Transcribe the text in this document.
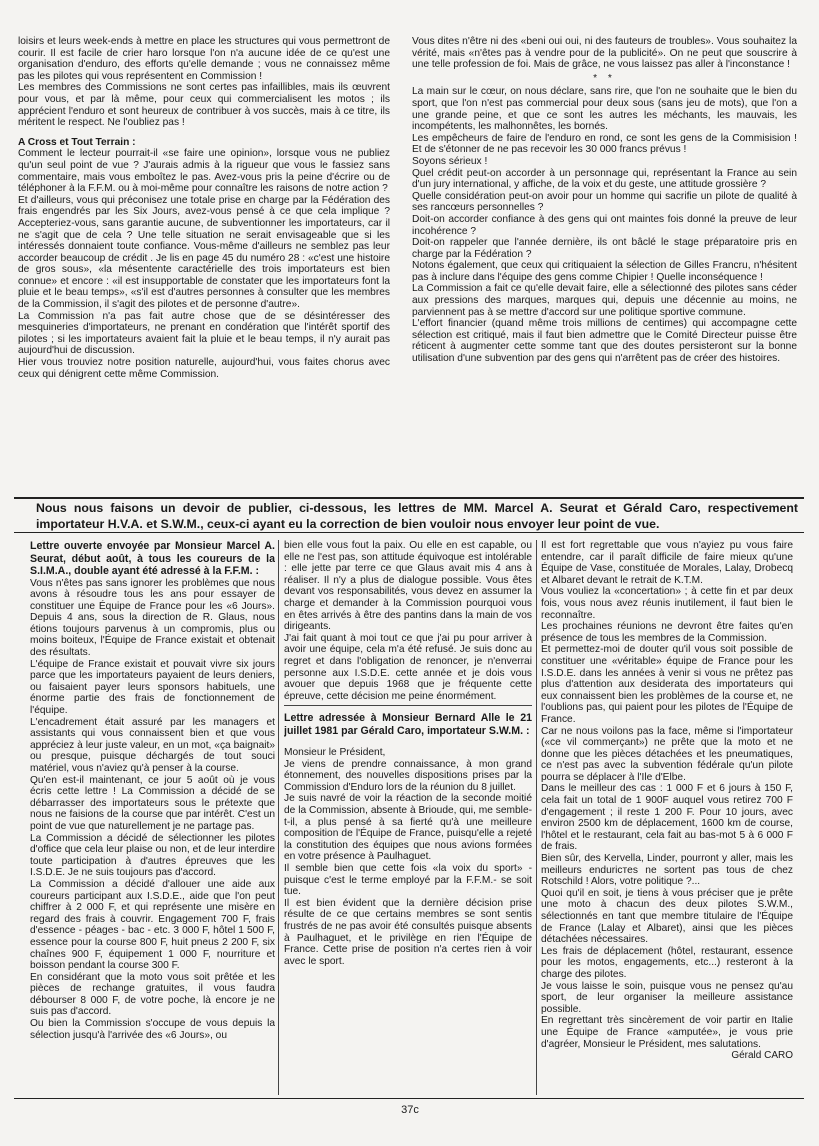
loisirs et leurs week-ends à mettre en place les structures qui vous permettront de courir. Il est facile de crier haro lorsque l'on n'a aucune idée de ce qu'est une organisation d'enduro, des efforts qu'elle demande ; vous ne connaissez même pas les pilotes qui vous représentent en Commission !

Les membres des Commissions ne sont certes pas infaillibles, mais ils œuvrent pour vous, et par là même, pour ceux qui commercialisent les motos ; ils apprécient l'enduro et sont heureux de contribuer à vos succès, mais à ce titre, ils méritent le respect. Ne l'oubliez pas !

A Cross et Tout Terrain :

Comment le lecteur pourrait-il «se faire une opinion», lorsque vous ne publiez qu'un seul point de vue ? J'aurais admis à la rigueur que vous le fassiez sans commentaire, mais vous emboîtez le pas. Avez-vous pris la peine d'écrire ou de téléphoner à la F.F.M. ou à moi-même pour connaître les raisons de notre action ?

Et d'ailleurs, vous qui préconisez une totale prise en charge par la Fédération des frais engendrés par les Six Jours, avez-vous pensé à ce que cela implique ? Accepteriez-vous, sans garantie aucune, de subventionner les importateurs, car il ne s'agit que de cela ? Une telle situation ne serait envisageable que si les intéressés donnaient toute confiance. Vous-même d'ailleurs ne semblez pas leur accorder beaucoup de crédit . Je lis en page 45 du numéro 28 : «c'est une histoire de gros sous», «la mésentente caractérielle des trois importateurs est bien connue» et encore : «il est insupportable de constater que les importateurs font la pluie et le beau temps», «s'il est d'autres personnes à consulter que les membres de la Commission, il s'agit des pilotes et de personne d'autre».

La Commission n'a pas fait autre chose que de se désintéresser des mesquineries d'importateurs, ne prenant en condération que l'intérêt sportif des pilotes ; si les importateurs avaient fait la pluie et le beau temps, il n'y aurait pas aujourd'hui de discussion.

Hier vous trouviez notre position naturelle, aujourd'hui, vous faites chorus avec ceux qui dénigrent cette même Commission.

Vous dites n'être ni des «beni oui oui, ni des fauteurs de troubles». Vous souhaitez la vérité, mais «n'êtes pas à vendre pour de la publicité». On ne peut que souscrire à une telle profession de foi. Mais de grâce, ne vous laissez pas aller à l'inconstance !

* *

La main sur le cœur, on nous déclare, sans rire, que l'on ne souhaite que le bien du sport, que l'on n'est pas commercial pour deux sous (sans jeu de mots), que l'on a une grande peine, et que ce sont les autres les méchants, les mauvais, les incompétents, les malhonnêtes, les bornés.

Les empêcheurs de faire de l'enduro en rond, ce sont les gens de la Commisision ! Et de s'étonner de ne pas recevoir les 30 000 francs prévus !

Soyons sérieux !

Quel crédit peut-on accorder à un personnage qui, représentant la France au sein d'un jury international, y affiche, de la voix et du geste, une attitude grossière ?

Quelle considération peut-on avoir pour un homme qui sacrifie un pilote de qualité à ses rancœurs personnelles ?

Doit-on accorder confiance à des gens qui ont maintes fois donné la preuve de leur incohérence ?

Doit-on rappeler que l'année dernière, ils ont bâclé le stage préparatoire pris en charge par la Fédération ?

Notons également, que ceux qui critiquaient la sélection de Gilles Francru, n'hésitent pas à inclure dans l'équipe des gens comme Chipier ! Quelle inconséquence !

La Commission a fait ce qu'elle devait faire, elle a sélectionné des pilotes sans céder aux pressions des marques, marques qui, depuis une décennie au moins, ne parviennent pas à se mettre d'accord sur une politique sportive commune.

L'effort financier (quand même trois millions de centimes) qui accompagne cette sélection est critiqué, mais il faut bien admettre que le Comité Directeur puisse être réticent à augmenter cette somme tant que des doutes persisteront sur la bonne utilisation d'une subvention par des gens qui n'arrêtent pas de créer des histoires.

Nous nous faisons un devoir de publier, ci-dessous, les lettres de MM. Marcel A. Seurat et Gérald Caro, respectivement importateur H.V.A. et S.W.M., ceux-ci ayant eu la correction de bien vouloir nous envoyer leur point de vue.

Lettre ouverte envoyée par Monsieur Marcel A. Seurat, début août, à tous les coureurs de la S.I.M.A., double ayant été adressé à la F.F.M. :

Vous n'êtes pas sans ignorer les problèmes que nous avons à résoudre tous les ans pour essayer de constituer une Équipe de France pour les «6 Jours». Depuis 4 ans, sous la direction de R. Glaus, nous étions toujours parvenus à un compromis, plus ou moins boiteux, l'Équipe de France existait et obtenait des résultats.

L'équipe de France existait et pouvait vivre six jours parce que les importateurs payaient de leurs deniers, ou faisaient payer leurs sponsors habituels, une énorme partie des frais de fonctionnement de l'équipe.

L'encadrement était assuré par les managers et assistants qui vous connaissent bien et que vous appréciez à leur juste valeur, en un mot, «ça baignait» ou presque, puisque déchargés de tout souci matériel, vous n'aviez qu'à penser à la course.

Qu'en est-il maintenant, ce jour 5 août où je vous écris cette lettre ! La Commission a décidé de se débarrasser des importateurs sous le prétexte que nous ne faisions de la course que par intérêt. C'est un point de vue que naturellement je ne partage pas.

La Commission a décidé de sélectionner les pilotes d'office que cela leur plaise ou non, et de leur interdire toute participation à d'autres épreuves que les I.S.D.E. Je ne suis toujours pas d'accord.

La Commission a décidé d'allouer une aide aux coureurs participant aux I.S.D.E., aide que l'on peut chiffrer à 2 000 F, et qui représente une misère en regard des frais à couvrir. Engagement 700 F, frais d'essence - péages - bac - etc. 3 000 F, hôtel 1 500 F, essence pour la course 800 F, huit pneus 2 200 F, six chaînes 900 F, équipement 1 000 F, nourriture et boisson pendant la course 300 F.

En considérant que la moto vous soit prêtée et les pièces de rechange gratuites, il vous faudra débourser 8 000 F, de votre poche, là encore je ne suis pas d'accord.

Ou bien la Commission s'occupe de vous depuis la sélection jusqu'à l'arrivée des «6 Jours», ou

bien elle vous fout la paix. Ou elle en est capable, ou elle ne l'est pas, son attitude équivoque est intolérable : elle jette par terre ce que Glaus avait mis 4 ans à réaliser. Il n'y a plus de dialogue possible. Vous êtes devant vos responsabilités, vous devez en assumer la charge et demander à la Commission pourquoi vous en êtes arrivés à être des pantins dans la main de vos dirigeants.

J'ai fait quant à moi tout ce que j'ai pu pour arriver à avoir une équipe, cela m'a été refusé. Je suis donc au regret et dans l'obligation de renoncer, je n'enverrai personne aux I.S.D.E. cette année et je dois vous avouer que depuis 1968 que je fréquente cette épreuve, cette décision me peine énormément.

Lettre adressée à Monsieur Bernard Alle le 21 juillet 1981 par Gérald Caro, importateur S.W.M. :

Monsieur le Président,

Je viens de prendre connaissance, à mon grand étonnement, des nouvelles dispositions prises par la Commission d'Enduro lors de la réunion du 8 juillet.

Je suis navré de voir la réaction de la seconde moitié de la Commission, absente à Brioude, qui, me semble-t-il, a plus pensé à sa fierté qu'à une meilleure composition de l'Équipe de France, puisqu'elle a rejeté la constitution des équipes que nous avions formées en votre présence à Paulhaguet.

Il semble bien que cette fois «la voix du sport» - puisque c'est le terme employé par la F.F.M.- se soit tue.

Il est bien évident que la dernière décision prise résulte de ce que certains membres se sont sentis frustrés de ne pas avoir été consultés puisque absents à Paulhaguet, et le privilège en rien l'Équipe de France. Cette prise de position n'a certes rien à voir avec le sport.

Il est fort regrettable que vous n'ayiez pu vous faire entendre, car il paraît difficile de faire mieux qu'une Équipe de Vase, constituée de Morales, Lalay, Drobecq et Albaret devant le retrait de K.T.M.

Vous vouliez la «concertation» ; à cette fin et par deux fois, vous nous avez réunis inutilement, il faut bien le reconnaître.

Les prochaines réunions ne devront être faites qu'en présence de tous les membres de la Commission.

Et permettez-moi de douter qu'il vous soit possible de constituer une «véritable» équipe de France pour les I.S.D.E. dans les années à venir si vous ne prêtez pas plus d'attention aux desiderata des importateurs qui eux connaissent bien les problèmes de la course et, ne l'oublions pas, qui paient pour les pilotes de l'Équipe de France.

Car ne nous voilons pas la face, même si l'importateur («ce vil commerçant») ne prête que la moto et ne donne que les pièces détachées et les pneumatiques, ce n'est pas avec la subvention fédérale qu'un pilote pourra se déplacer à l'Ile d'Elbe.

Dans le meilleur des cas : 1 000 F et 6 jours à 150 F, cela fait un total de 1 900F auquel vous retirez 700 F d'engagement ; il reste 1 200 F. Pour 10 jours, avec environ 2500 km de déplacement, 1600 km de course, l'hôtel et le restaurant, cela fait au bas-mot 5 à 6 000 F de frais.

Bien sûr, des Kervella, Linder, pourront y aller, mais les meilleurs endurістes ne sortent pas tous de chez Rotschild ! Alors, votre politique ?...

Quoi qu'il en soit, je tiens à vous préciser que je prête une moto à chacun des deux pilotes S.W.M., sélectionnés en tant que membre titulaire de l'Équipe de France (Lalay et Albaret), ainsi que les pièces détachées nécessaires.

Les frais de déplacement (hôtel, restaurant, essence pour les motos, engagements, etc...) resteront à la charge des pilotes.

Je vous laisse le soin, puisque vous ne pensez qu'au sport, de leur organiser la meilleure assistance possible.

En regrettant très sincèrement de voir partir en Italie une Équipe de France «amputée», je vous prie d'agréer, Monsieur le Président, mes salutations.

Gérald CARO

37c
